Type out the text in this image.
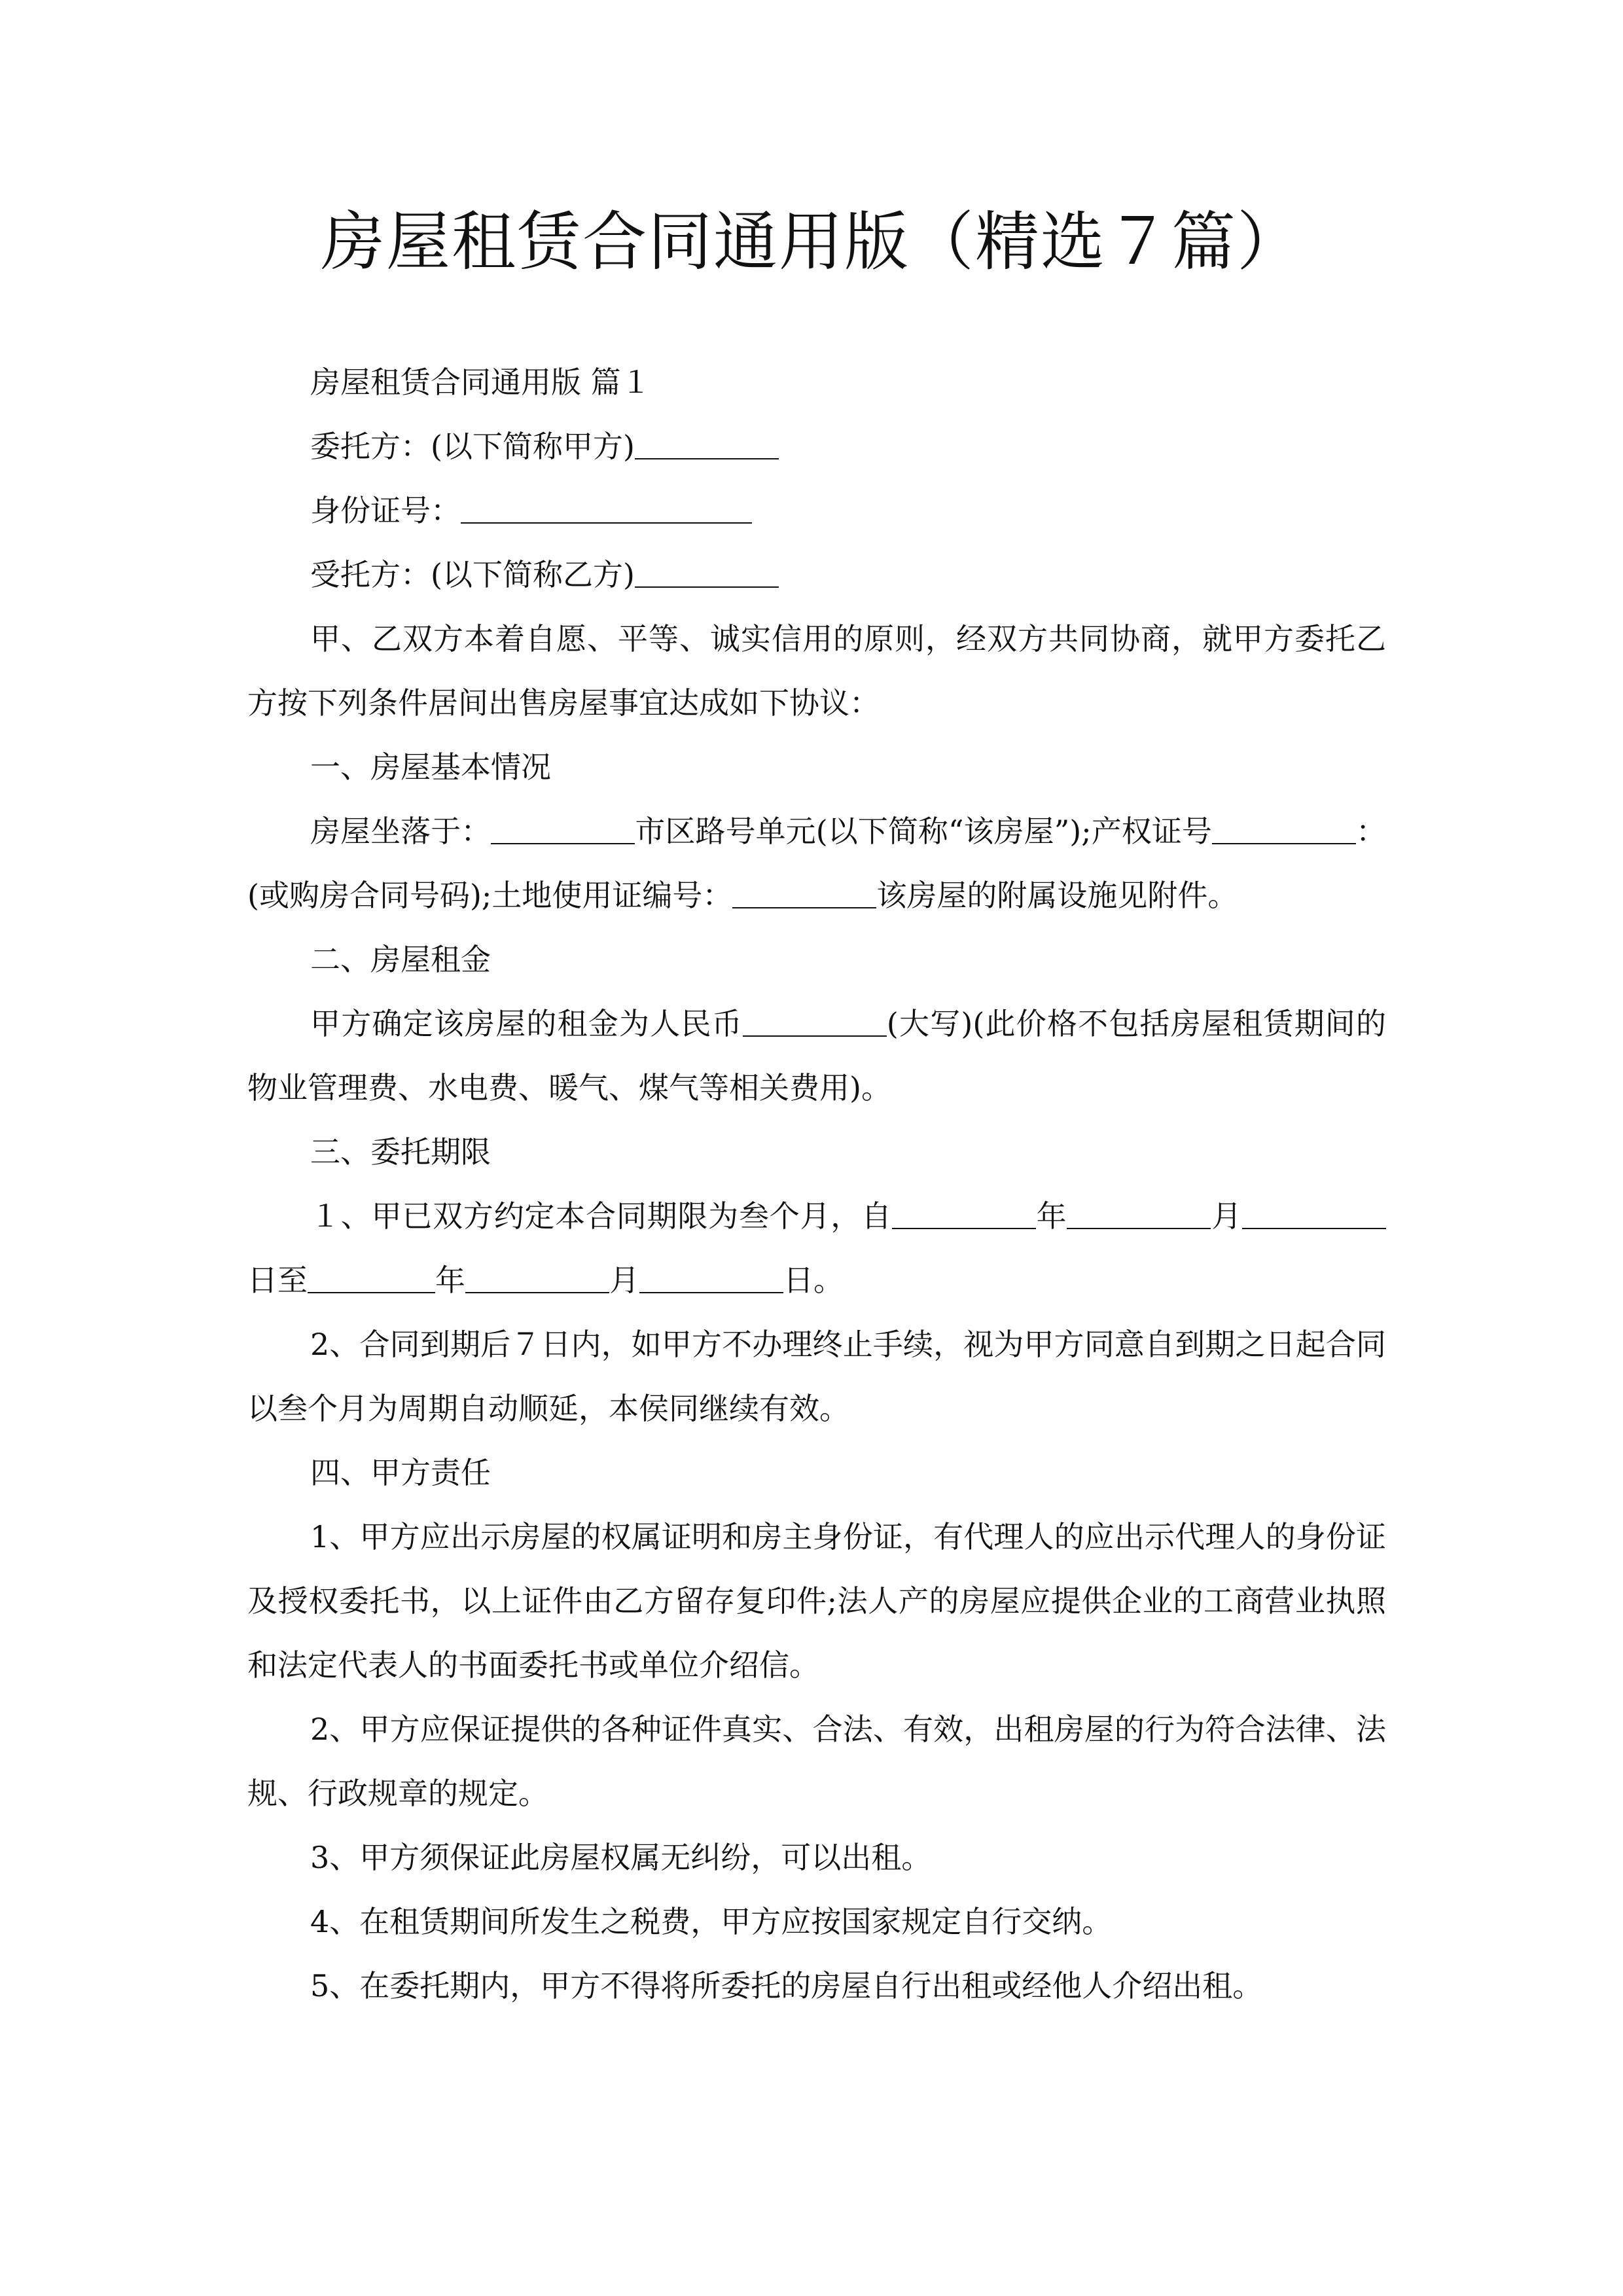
房屋租赁合同通用版（精选７篇）

房屋租赁合同通用版 篇１

委托方：(以下简称甲方)

身份证号：

受托方：(以下简称乙方)

甲、乙双方本着自愿、平等、诚实信用的原则，经双方共同协商，就甲方委托乙方按下列条件居间出售房屋事宜达成如下协议：

一、房屋基本情况

房屋坐落于：	市区路号单元(以下简称“该房屋”);产权证号	：(或购房合同号码);土地使用证编号：	该房屋的附属设施见附件。

二、房屋租金

甲方确定该房屋的租金为人民币	(大写)(此价格不包括房屋租赁期间的物业管理费、水电费、暖气、煤气等相关费用)。

三、委托期限

１、甲已双方约定本合同期限为叁个月，自	年	月日至	年	月	日。

2、合同到期后７日内，如甲方不办理终止手续，视为甲方同意自到期之日起合同以叁个月为周期自动顺延，本侯同继续有效。

四、甲方责任

1、甲方应出示房屋的权属证明和房主身份证，有代理人的应出示代理人的身份证及授权委托书，以上证件由乙方留存复印件;法人产的房屋应提供企业的工商营业执照和法定代表人的书面委托书或单位介绍信。

2、甲方应保证提供的各种证件真实、合法、有效，出租房屋的行为符合法律、法规、行政规章的规定。

3、甲方须保证此房屋权属无纠纷，可以出租。

4、在租赁期间所发生之税费，甲方应按国家规定自行交纳。

5、在委托期内，甲方不得将所委托的房屋自行出租或经他人介绍出租。
